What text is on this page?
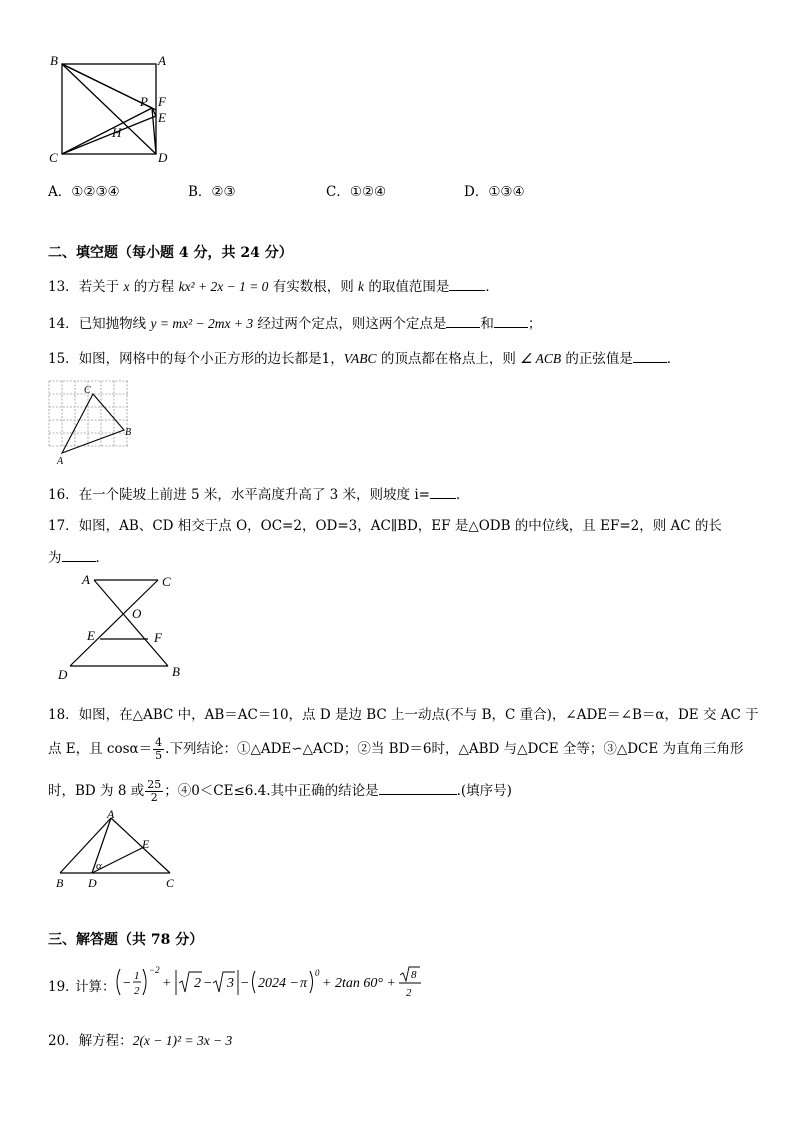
B	A
P F
E
H
C	D
A．①②③④	B．②③	C．①②④	D．①③④
二、填空题（每小题 4 分，共 24 分）
13．若关于 x 的方程 kx² + 2x − 1 = 0 有实数根，则 k 的取值范围是	．
14．已知抛物线 y = mx² − 2mx + 3 经过两个定点，则这两个定点是	和	；
15．如图，网格中的每个小正方形的边长都是1，VABC 的顶点都在格点上，则 ∠ ACB 的正弦值是	．
C
B
A
16．在一个陡坡上前进 5 米，水平高度升高了 3 米，则坡度 i= ．
17．如图，AB、CD 相交于点 O，OC=2，OD=3，AC∥BD，EF 是△ODB 的中位线，且 EF=2，则 AC 的长
为	．
A	C
O
E	F
D	B
18．如图，在△ABC 中，AB＝AC＝10，点 D 是边 BC 上一动点(不与 B，C 重合)，∠ADE＝∠B＝α，DE 交 AC 于
点 E，且 $\cos\alpha= \frac{4}{5}$ .下列结论：①△ADE∽△ACD；②当 BD＝6时，△ABD 与△DCE 全等；③△DCE 为直角三角形
时，BD 为 8 或 $\frac{25}{2}$ ；④0＜CE≤6.4.其中正确的结论是	.(填序号)
A
E
α
B D	C
三、解答题（共 78 分）
19．
计算： − 1
2
−2
+ 2 − 3 − 2024 − π
0
+ 2tan 60° +
8
2
20．解方程：2(x − 1)² = 3x − 3
